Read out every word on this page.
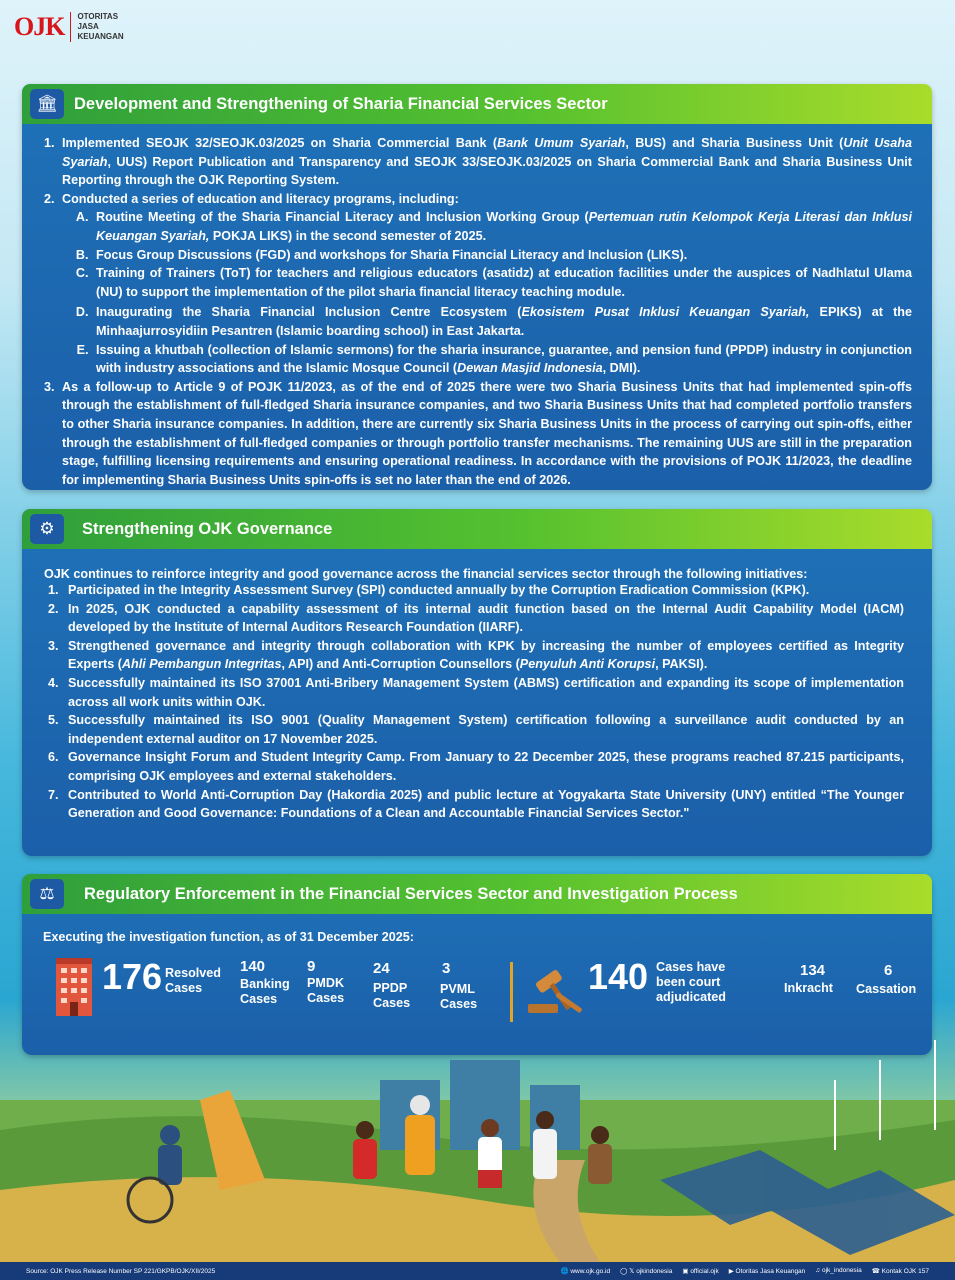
OJK OTORITAS
JASA
KEUANGAN
🏛 Development and Strengthening of Sharia Financial Services Sector
1. Implemented SEOJK 32/SEOJK.03/2025 on Sharia Commercial Bank (Bank Umum Syariah, BUS) and Sharia Business Unit (Unit Usaha Syariah, UUS) Report Publication and Transparency and SEOJK 33/SEOJK.03/2025 on Sharia Commercial Bank and Sharia Business Unit Reporting through the OJK Reporting System.
2. Conducted a series of education and literacy programs, including:
A. Routine Meeting of the Sharia Financial Literacy and Inclusion Working Group (Pertemuan rutin Kelompok Kerja Literasi dan Inklusi Keuangan Syariah, POKJA LIKS) in the second semester of 2025.
B. Focus Group Discussions (FGD) and workshops for Sharia Financial Literacy and Inclusion (LIKS).
C. Training of Trainers (ToT) for teachers and religious educators (asatidz) at education facilities under the auspices of Nadhlatul Ulama (NU) to support the implementation of the pilot sharia financial literacy teaching module.
D. Inaugurating the Sharia Financial Inclusion Centre Ecosystem (Ekosistem Pusat Inklusi Keuangan Syariah, EPIKS) at the Minhaajurrosyidiin Pesantren (Islamic boarding school) in East Jakarta.
E. Issuing a khutbah (collection of Islamic sermons) for the sharia insurance, guarantee, and pension fund (PPDP) industry in conjunction with industry associations and the Islamic Mosque Council (Dewan Masjid Indonesia, DMI).
3. As a follow-up to Article 9 of POJK 11/2023, as of the end of 2025 there were two Sharia Business Units that had implemented spin-offs through the establishment of full-fledged Sharia insurance companies, and two Sharia Business Units that had completed portfolio transfers to other Sharia insurance companies. In addition, there are currently six Sharia Business Units in the process of carrying out spin-offs, either through the establishment of full-fledged companies or through portfolio transfer mechanisms. The remaining UUS are still in the preparation stage, fulfilling licensing requirements and ensuring operational readiness. In accordance with the provisions of POJK 11/2023, the deadline for implementing Sharia Business Units spin-offs is set no later than the end of 2026.
⚙	Strengthening OJK Governance

OJK continues to reinforce integrity and good governance across the financial services sector through the following initiatives:

1. Participated in the Integrity Assessment Survey (SPI) conducted annually by the Corruption Eradication Commission (KPK).
2. In 2025, OJK conducted a capability assessment of its internal audit function based on the Internal Audit Capability Model (IACM) developed by the Institute of Internal Auditors Research Foundation (IIARF).
3. Strengthened governance and integrity through collaboration with KPK by increasing the number of employees certified as Integrity Experts (Ahli Pembangun Integritas, API) and Anti-Corruption Counsellors (Penyuluh Anti Korupsi, PAKSI).
4. Successfully maintained its ISO 37001 Anti-Bribery Management System (ABMS) certification and expanding its scope of implementation across all work units within OJK.
5. Successfully maintained its ISO 9001 (Quality Management System) certification following a surveillance audit conducted by an independent external auditor on 17 November 2025.
6. Governance Insight Forum and Student Integrity Camp. From January to 22 December 2025, these programs reached 87.215 participants, comprising OJK employees and external stakeholders.
7. Contributed to World Anti-Corruption Day (Hakordia 2025) and public lecture at Yogyakarta State University (UNY) entitled “The Younger Generation and Good Governance: Foundations of a Clean and Accountable Financial Services Sector."
⚖	Regulatory Enforcement in the Financial Services Sector and Investigation Process

Executing the investigation function, as of 31 December 2025:

176 Resolved
Cases
140
Banking
Cases
9
PMDK
Cases
24
PPDP
Cases
3
PVML
Cases
140 Cases have
been court
adjudicated
134
Inkracht
6
Cassation
Source: OJK Press Release Number SP 221/GKPB/OJK/XII/2025	🌐 www.ojk.go.id ◯ 𝕏 ojkindonesia ▣ official.ojk ▶ Otoritas Jasa Keuangan ♫ ojk_indonesia ☎ Kontak OJK 157
